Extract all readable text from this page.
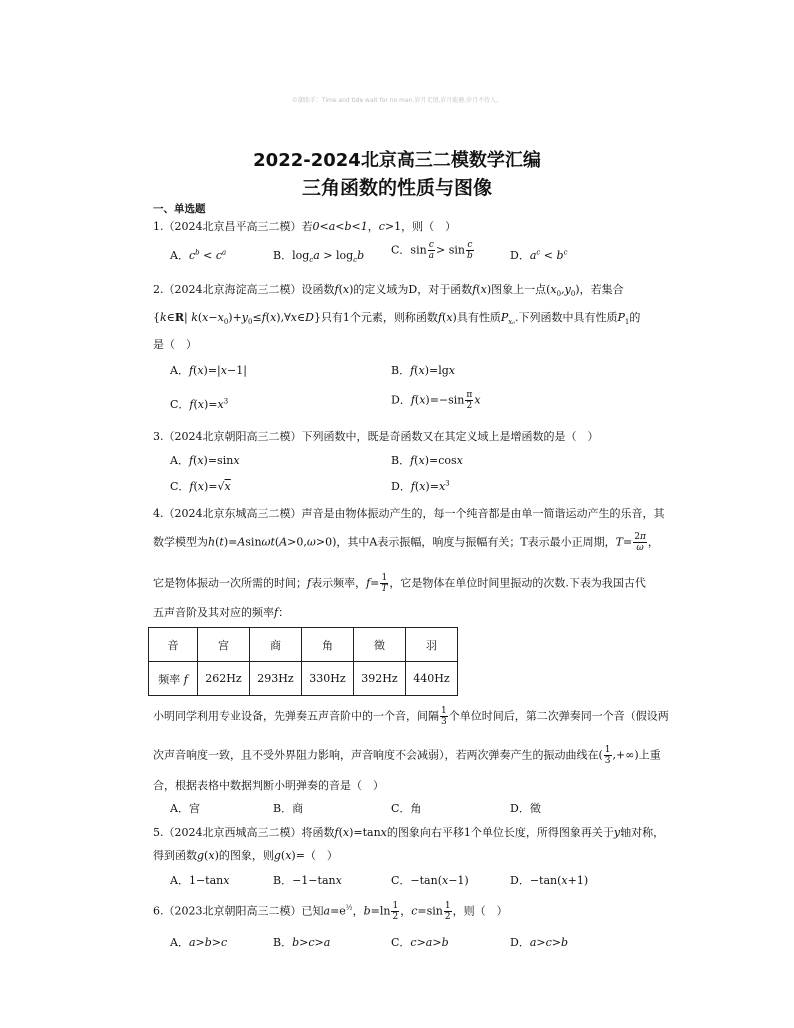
©潮助手：Time and tide wait for no man.岁月无情,岁月能磨,岁月不待人。
2022-2024北京高三二模数学汇编
三角函数的性质与图像
一、单选题
1.（2024北京昌平高三二模）若0<a<b<1，c>1，则（　）
A．$c^b < c^a$	B．$\log_ca > \log_cb$ C．$\sin \frac{c}{a} > \sin \frac{c}{b}$	D．$a^c < b^c$
2.（2024北京海淀高三二模）设函数f(x)的定义域为D，对于函数f(x)图象上一点$(x_0,y_0)$，若集合
{k∈R| $k(x-x_0)+y_0\le f(x),\forall x\in D$}只有1个元素，则称函数f(x)具有性质$P_{x_0}$.下列函数中具有性质$P_1$的
是（　）
A．f(x)=|x−1|	B．f(x)=lgx
C．$f(x)=x^3$	D．$f(x)=-\sin \frac{\pi}{2}$ x
3.（2024北京朝阳高三二模）下列函数中，既是奇函数又在其定义域上是增函数的是（　）
A．f(x)=sinx	B．f(x)=cosx
C．f(x)=√x	D．$f(x)=x^3$
4.（2024北京东城高三二模）声音是由物体振动产生的，每一个纯音都是由单一简谐运动产生的乐音，其
数学模型为h(t)=Asinωt(A>0,ω>0)，其中A表示振幅，响度与振幅有关；T表示最小正周期，$T= \frac{2\pi}{\omega}$ ，
它是物体振动一次所需的时间；f表示频率，$f= \frac{1}{T}$ ，它是物体在单位时间里振动的次数.下表为我国古代
五声音阶及其对应的频率f：
音	宫	商	角	徵	羽
频率 f	262Hz	293Hz	330Hz	392Hz	440Hz
小明同学利用专业设备，先弹奏五声音阶中的一个音，间隔 $\frac{1}{3}$ 个单位时间后，第二次弹奏同一个音（假设两
次声音响度一致，且不受外界阻力影响，声音响度不会减弱），若两次弹奏产生的振动曲线在( $\frac{1}{3}$ ,+∞)上重
合，根据表格中数据判断小明弹奏的音是（　）
A．宫	B．商	C．角	D．徵
5.（2024北京西城高三二模）将函数f(x)=tanx的图象向右平移1个单位长度，所得图象再关于y轴对称，
得到函数g(x)的图象，则g(x)=（　）
A．1−tanx	B．−1−tanx	C．−tan(x−1)	D．−tan(x+1)
6.（2023北京朝阳高三二模）已知$a=e^{\frac{1}{2}}$，$b=\ln \frac{1}{2}$ ，$c=\sin \frac{1}{2}$ ，则（　）
A．a>b>c	B．b>c>a	C．c>a>b	D．a>c>b
